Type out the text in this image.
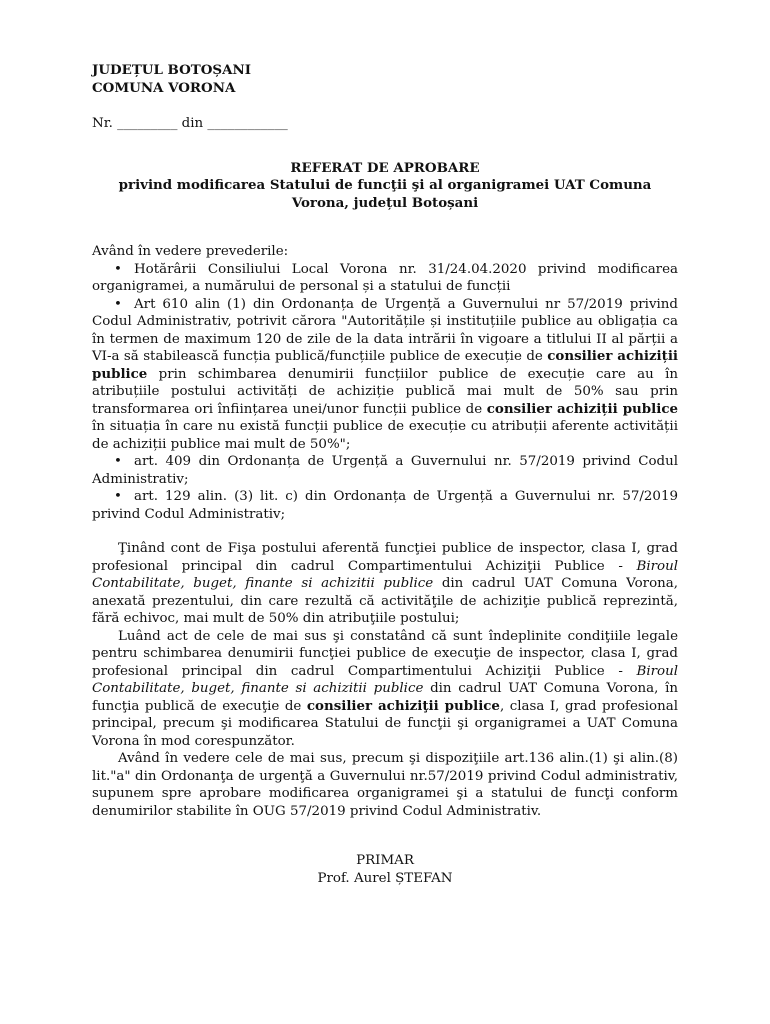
JUDEȚUL BOTOȘANI
COMUNA VORONA
Nr. _________ din ____________
REFERAT DE APROBARE
privind modificarea Statului de funcţii şi al organigramei UAT Comuna Vorona, județul Botoșani
Având în vedere prevederile:
• Hotărârii Consiliului Local Vorona nr. 31/24.04.2020 privind modificarea organigramei, a numărului de personal și a statului de funcții
• Art 610 alin (1) din Ordonanța de Urgență a Guvernului nr 57/2019 privind Codul Administrativ, potrivit cărora "Autoritățile și instituțiile publice au obligația ca în termen de maximum 120 de zile de la data intrării în vigoare a titlului II al părții a VI-a să stabilească funcția publică/funcțiile publice de execuție de consilier achiziții publice prin schimbarea denumirii funcțiilor publice de execuție care au în atribuțiile postului activități de achiziție publică mai mult de 50% sau prin transformarea ori înființarea unei/unor funcții publice de consilier achiziții publice în situația în care nu există funcții publice de execuție cu atribuții aferente activității de achiziții publice mai mult de 50%";
• art. 409 din Ordonanța de Urgență a Guvernului nr. 57/2019 privind Codul Administrativ;
• art. 129 alin. (3) lit. c) din Ordonanța de Urgență a Guvernului nr. 57/2019 privind Codul Administrativ;
Ţinând cont de Fişa postului aferentă funcţiei publice de inspector, clasa I, grad profesional principal din cadrul Compartimentului Achiziţii Publice - Biroul Contabilitate, buget, finante si achizitii publice din cadrul UAT Comuna Vorona, anexată prezentului, din care rezultă că activităţile de achiziţie publică reprezintă, fără echivoc, mai mult de 50% din atribuţiile postului;
Luând act de cele de mai sus şi constatând că sunt îndeplinite condiţiile legale pentru schimbarea denumirii funcţiei publice de execuţie de inspector, clasa I, grad profesional principal din cadrul Compartimentului Achiziţii Publice - Biroul Contabilitate, buget, finante si achizitii publice din cadrul UAT Comuna Vorona, în funcţia publică de execuţie de consilier achiziţii publice, clasa I, grad profesional principal, precum şi modificarea Statului de funcţii şi organigramei a UAT Comuna Vorona în mod corespunzător.
Având în vedere cele de mai sus, precum şi dispoziţiile art.136 alin.(1) şi alin.(8) lit."a" din Ordonanţa de urgenţă a Guvernului nr.57/2019 privind Codul administrativ, supunem spre aprobare modificarea organigramei şi a statului de funcţi conform denumirilor stabilite în OUG 57/2019 privind Codul Administrativ.
PRIMAR
Prof. Aurel ȘTEFAN
